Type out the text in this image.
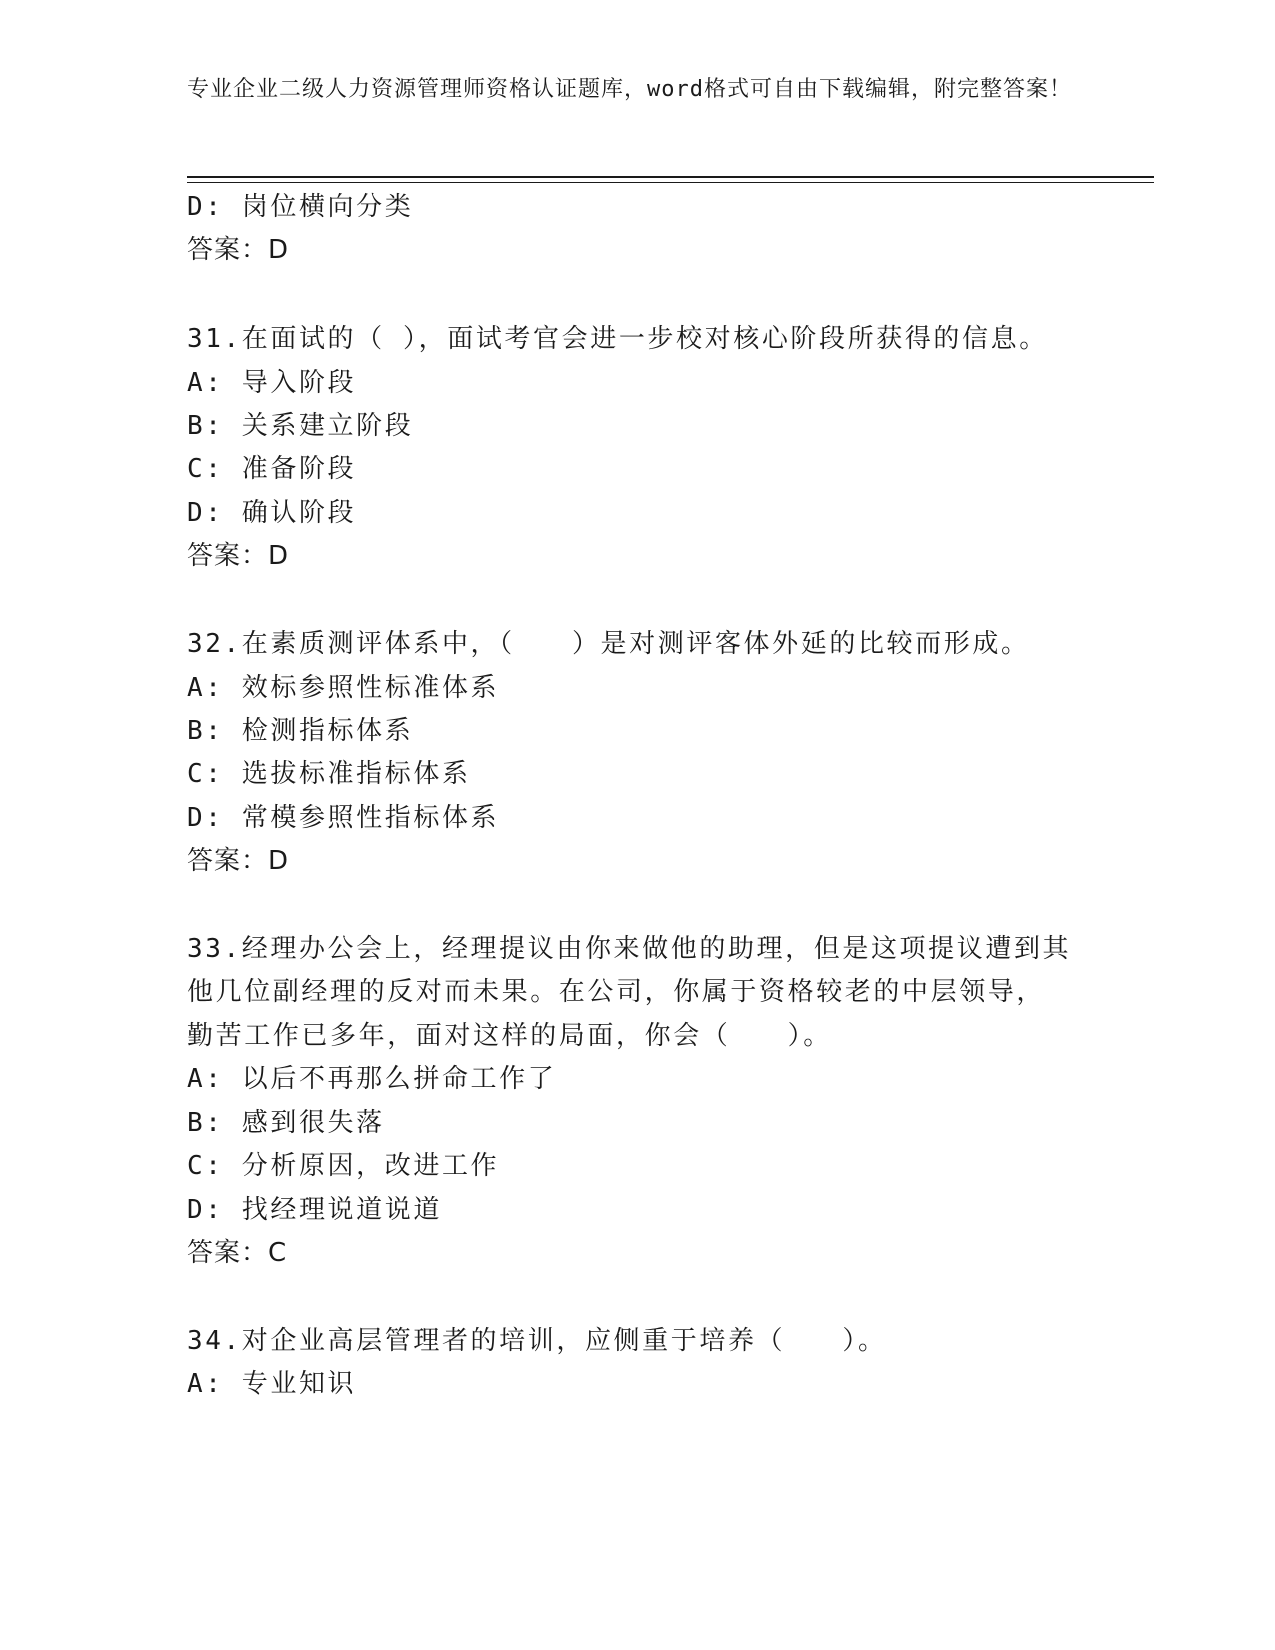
专业企业二级人力资源管理师资格认证题库，word格式可自由下载编辑，附完整答案！
D: 岗位横向分类
答案：D
31.在面试的（ ），面试考官会进一步校对核心阶段所获得的信息。
A: 导入阶段
B: 关系建立阶段
C: 准备阶段
D: 确认阶段
答案：D
32.在素质测评体系中，（　　）是对测评客体外延的比较而形成。
A: 效标参照性标准体系
B: 检测指标体系
C: 选拔标准指标体系
D: 常模参照性指标体系
答案：D
33.经理办公会上，经理提议由你来做他的助理，但是这项提议遭到其
他几位副经理的反对而未果。在公司，你属于资格较老的中层领导，
勤苦工作已多年，面对这样的局面，你会（　　）。
A: 以后不再那么拼命工作了
B: 感到很失落
C: 分析原因，改进工作
D: 找经理说道说道
答案：C
34.对企业高层管理者的培训，应侧重于培养（　　）。
A: 专业知识
